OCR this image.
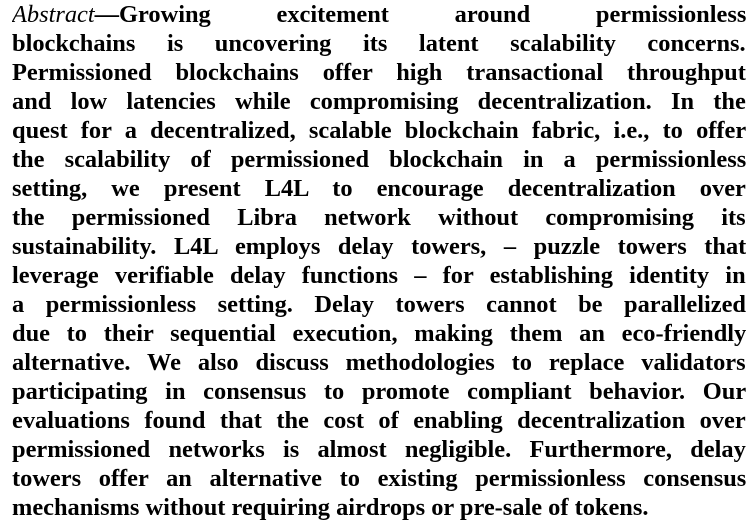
Abstract—Growing excitement around permissionless
blockchains is uncovering its latent scalability concerns.
Permissioned blockchains offer high transactional throughput
and low latencies while compromising decentralization. In the
quest for a decentralized, scalable blockchain fabric, i.e., to offer
the scalability of permissioned blockchain in a permissionless
setting, we present L4L to encourage decentralization over
the permissioned Libra network without compromising its
sustainability. L4L employs delay towers, – puzzle towers that
leverage verifiable delay functions – for establishing identity in
a permissionless setting. Delay towers cannot be parallelized
due to their sequential execution, making them an eco-friendly
alternative. We also discuss methodologies to replace validators
participating in consensus to promote compliant behavior. Our
evaluations found that the cost of enabling decentralization over
permissioned networks is almost negligible. Furthermore, delay
towers offer an alternative to existing permissionless consensus
mechanisms without requiring airdrops or pre-sale of tokens.
